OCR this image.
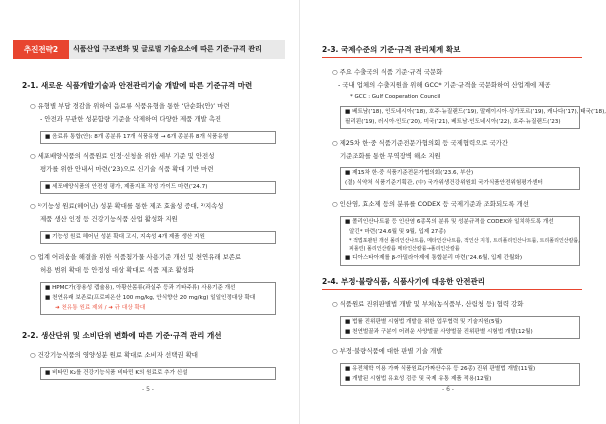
추진전략2	식품산업 구조변화 및 글로벌 기술요소에 따른 기준·규격 관리
2-1. 새로운 식품개발기술과 안전관리기술 개발에 따른 기준규격 마련
○ 유형별 부담 경감을 위하여 음료류 식품유형을 통한 ‘단순화(안)’ 마련
- 안전과 무관한 성분함량 기준을 삭제하여 다양한 제품 개발 촉진
■ 음료류 통합(안): 8개 종분류 17개 식품유형 → 6개 종분류 8개 식품유형
○ 세포배양식품의 식품원료 인정·신청을 위한 세부 기준 및 안전성
평가를 위한 안내서 마련(’23)으로 신기술 식품 확대 기반 마련
■ 세포배양식품의 안전성 평가, 제품지표 작성 가이드 마련(’24.7)
○ ¹⁾기능성 원료(헤어닌) 성분 확대를 통한 제조 효율성 증대, ²⁾지속성
제품 생산 인정 등 건강기능식품 산업 활성화 지원
■ 기능성 원료 헤어닌 성분 확대 고시, 지속성 4개 제품 생산 지원
○ 업계 어려움을 해결을 위한 식품첨가물 사용기준 개선 및 천연유래 보존료
허용 범위 확대 등 안정성 대상 확대로 식품 제조 활성화
■ HPMC가(장용성 캡슐용), 아황산몸류(과실주 등과 기타주류) 사용기준 개선
■ 천연유래 보존료(프로피온산 100 mg/kg, 안식향산 20 mg/kg) 일일인정대상 확대
➜ 천유통 원료 제외 / ➜ 규 대상 확대
2-2. 생산단위 및 소비단위 변화에 따른 기준·규격 관리 개선
○ 건강기능식품의 영양성분 원료 확대로 소비자 선택권 확대
■ 비타민 K₂를 건강기능식품 비타민 K의 원료로 추가 신설
- 5 -
2-3. 국제수준의 기준·규격 관리체계 확보
○ 주요 수출국의 식품 기준·규격 국문화
- 국내 업체의 수출지원을 위해 GCC* 기준·규격을 국문화하여 산업계에 제공
* GCC : Gulf Cooperation Council
■ 베트남(’18), 인도네시아(’18), 호주·뉴질랜드(’19), 말레이시아·싱가포르(’19), 캐나다(’17), 태국(’18),
필리핀(’19), 러시아·인도(’20), 미국(’21), 베트남·인도네시아(’22), 호주·뉴질랜드(’23)
○ 제25차 한·중 식품기준전문가협의회 등 국제협력으로 국가간
기준조화를 통한 무역장벽 해소 지원
■ 제15차 한·중 식품기준전문가협의회(’23.6, 부산)
(결) 식약처 식품기준기획관, (中) 국가위생건강위원회 국가식품안전위험평가센터
○ 인산염, 효소제 등의 분류를 CODEX 등 국제기준과 조화되도록 개선
■ 폴리인산나트륨 등 인산염 6종목의 분류 및 성분규격을 CODEX와 일치하도록 개선
알긴* 마련(’24.6월 및 9월, 입제 27종)
* 적법포괄된 개선 폴리인산나트륨, 메타인산나트륨, 적인산 지칭, 트리폴리인산나트륨, 트리폴리인산칼륨,
피롤린) 폴리인산칼륨 메타인산칼륨→폴리인산칼륨
■ 디아스타아제를 β-아밀라아제에 통합분리 마련(’24.6월, 입제 간월화)
2-4. 부정·불량식품, 식품사기에 대응한 안전관리
○ 식품원료 진위판별법 개발 및 부처(농식품부, 산림청 등) 협력 강화
■ 법률 진위판별 시험법 개발을 위한 업무협력 및 기술지원(5월)
■ 천연벌꿀과 구분이 어려운 사양벌꿀 사양벌꿀 진위판별 시험법 개발(12월)
○ 부정·불량식품에 대한 판별 기술 개발
■ 유전체학 이용 가짜 식품원료(가짜산수유 등 26종) 진위 판별법 개발(11월)
■ 개발된 시험법 유효성 검증 및 국제 유통 제품 적용(12월)
- 6 -
